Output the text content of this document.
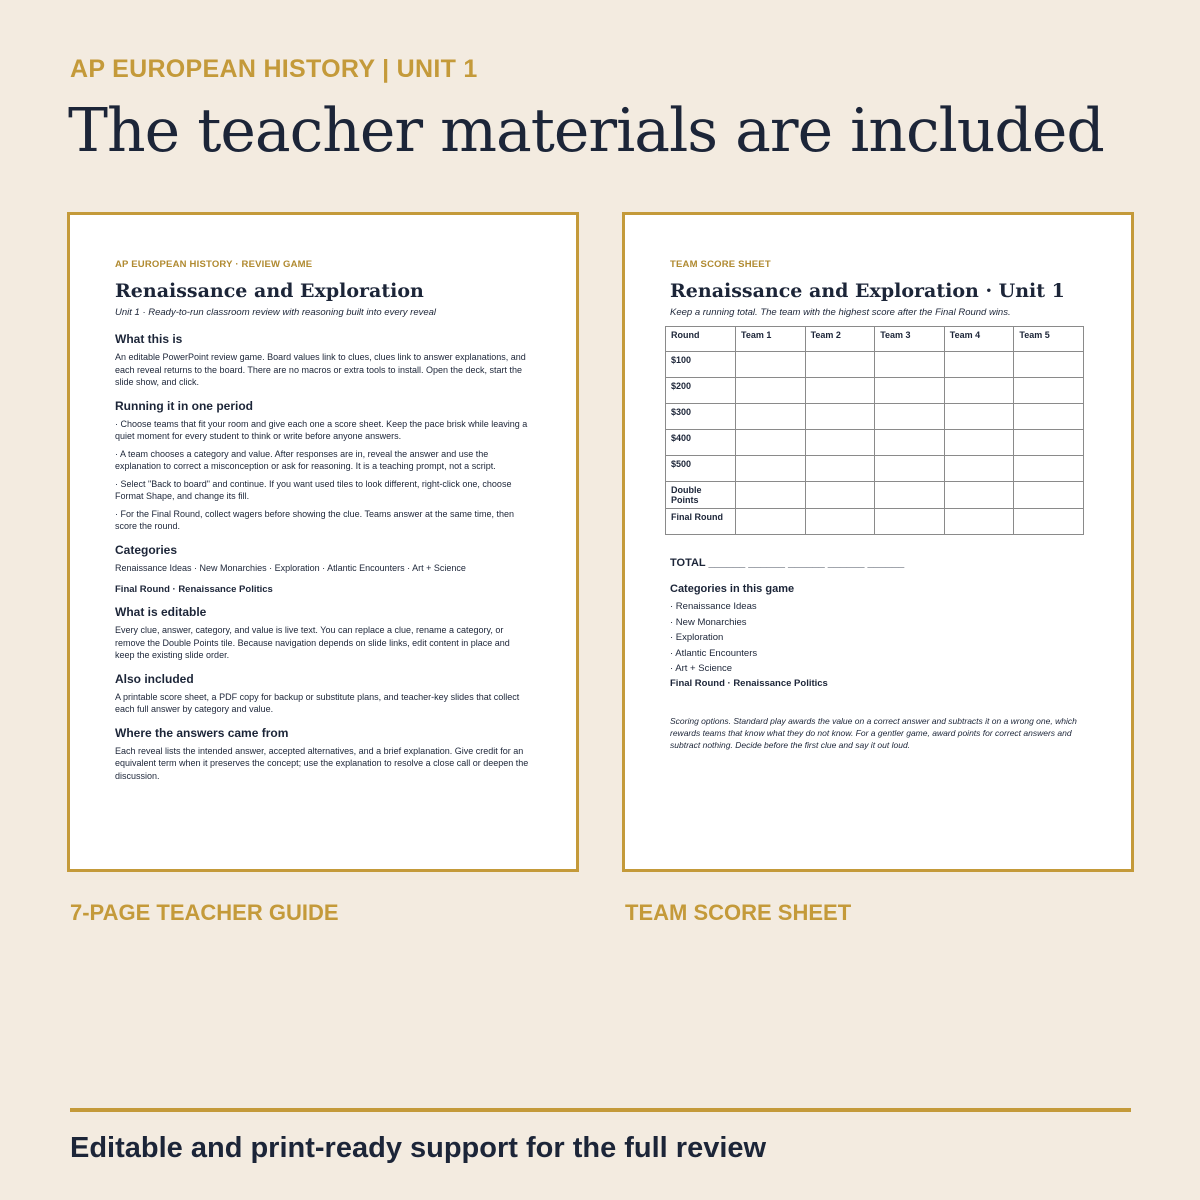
AP EUROPEAN HISTORY | UNIT 1
The teacher materials are included
AP EUROPEAN HISTORY · REVIEW GAME
Renaissance and Exploration
Unit 1 · Ready-to-run classroom review with reasoning built into every reveal
What this is

An editable PowerPoint review game. Board values link to clues, clues link to answer explanations, and each reveal returns to the board. There are no macros or extra tools to install. Open the deck, start the slide show, and click.

Running it in one period

· Choose teams that fit your room and give each one a score sheet. Keep the pace brisk while leaving a quiet moment for every student to think or write before anyone answers.

· A team chooses a category and value. After responses are in, reveal the answer and use the explanation to correct a misconception or ask for reasoning. It is a teaching prompt, not a script.

· Select "Back to board" and continue. If you want used tiles to look different, right-click one, choose Format Shape, and change its fill.

· For the Final Round, collect wagers before showing the clue. Teams answer at the same time, then score the round.

Categories

Renaissance Ideas · New Monarchies · Exploration · Atlantic Encounters · Art + Science

Final Round · Renaissance Politics
What is editable

Every clue, answer, category, and value is live text. You can replace a clue, rename a category, or remove the Double Points tile. Because navigation depends on slide links, edit content in place and keep the existing slide order.

Also included

A printable score sheet, a PDF copy for backup or substitute plans, and teacher-key slides that collect each full answer by category and value.

Where the answers came from

Each reveal lists the intended answer, accepted alternatives, and a brief explanation. Give credit for an equivalent term when it preserves the concept; use the explanation to resolve a close call or deepen the discussion.

TEAM SCORE SHEET
Renaissance and Exploration · Unit 1
Keep a running total. The team with the highest score after the Final Round wins.
Round	Team 1	Team 2	Team 3	Team 4	Team 5
$100					
$200					
$300					
$400					
$500					
Double Points					
Final Round					
TOTAL ______ ______ ______ ______ ______
Categories in this game
· Renaissance Ideas
· New Monarchies
· Exploration
· Atlantic Encounters
· Art + Science
Final Round · Renaissance Politics
Scoring options. Standard play awards the value on a correct answer and subtracts it on a wrong one, which rewards teams that know what they do not know. For a gentler game, award points for correct answers and subtract nothing. Decide before the first clue and say it out loud.
7-PAGE TEACHER GUIDE	TEAM SCORE SHEET
Editable and print-ready support for the full review
